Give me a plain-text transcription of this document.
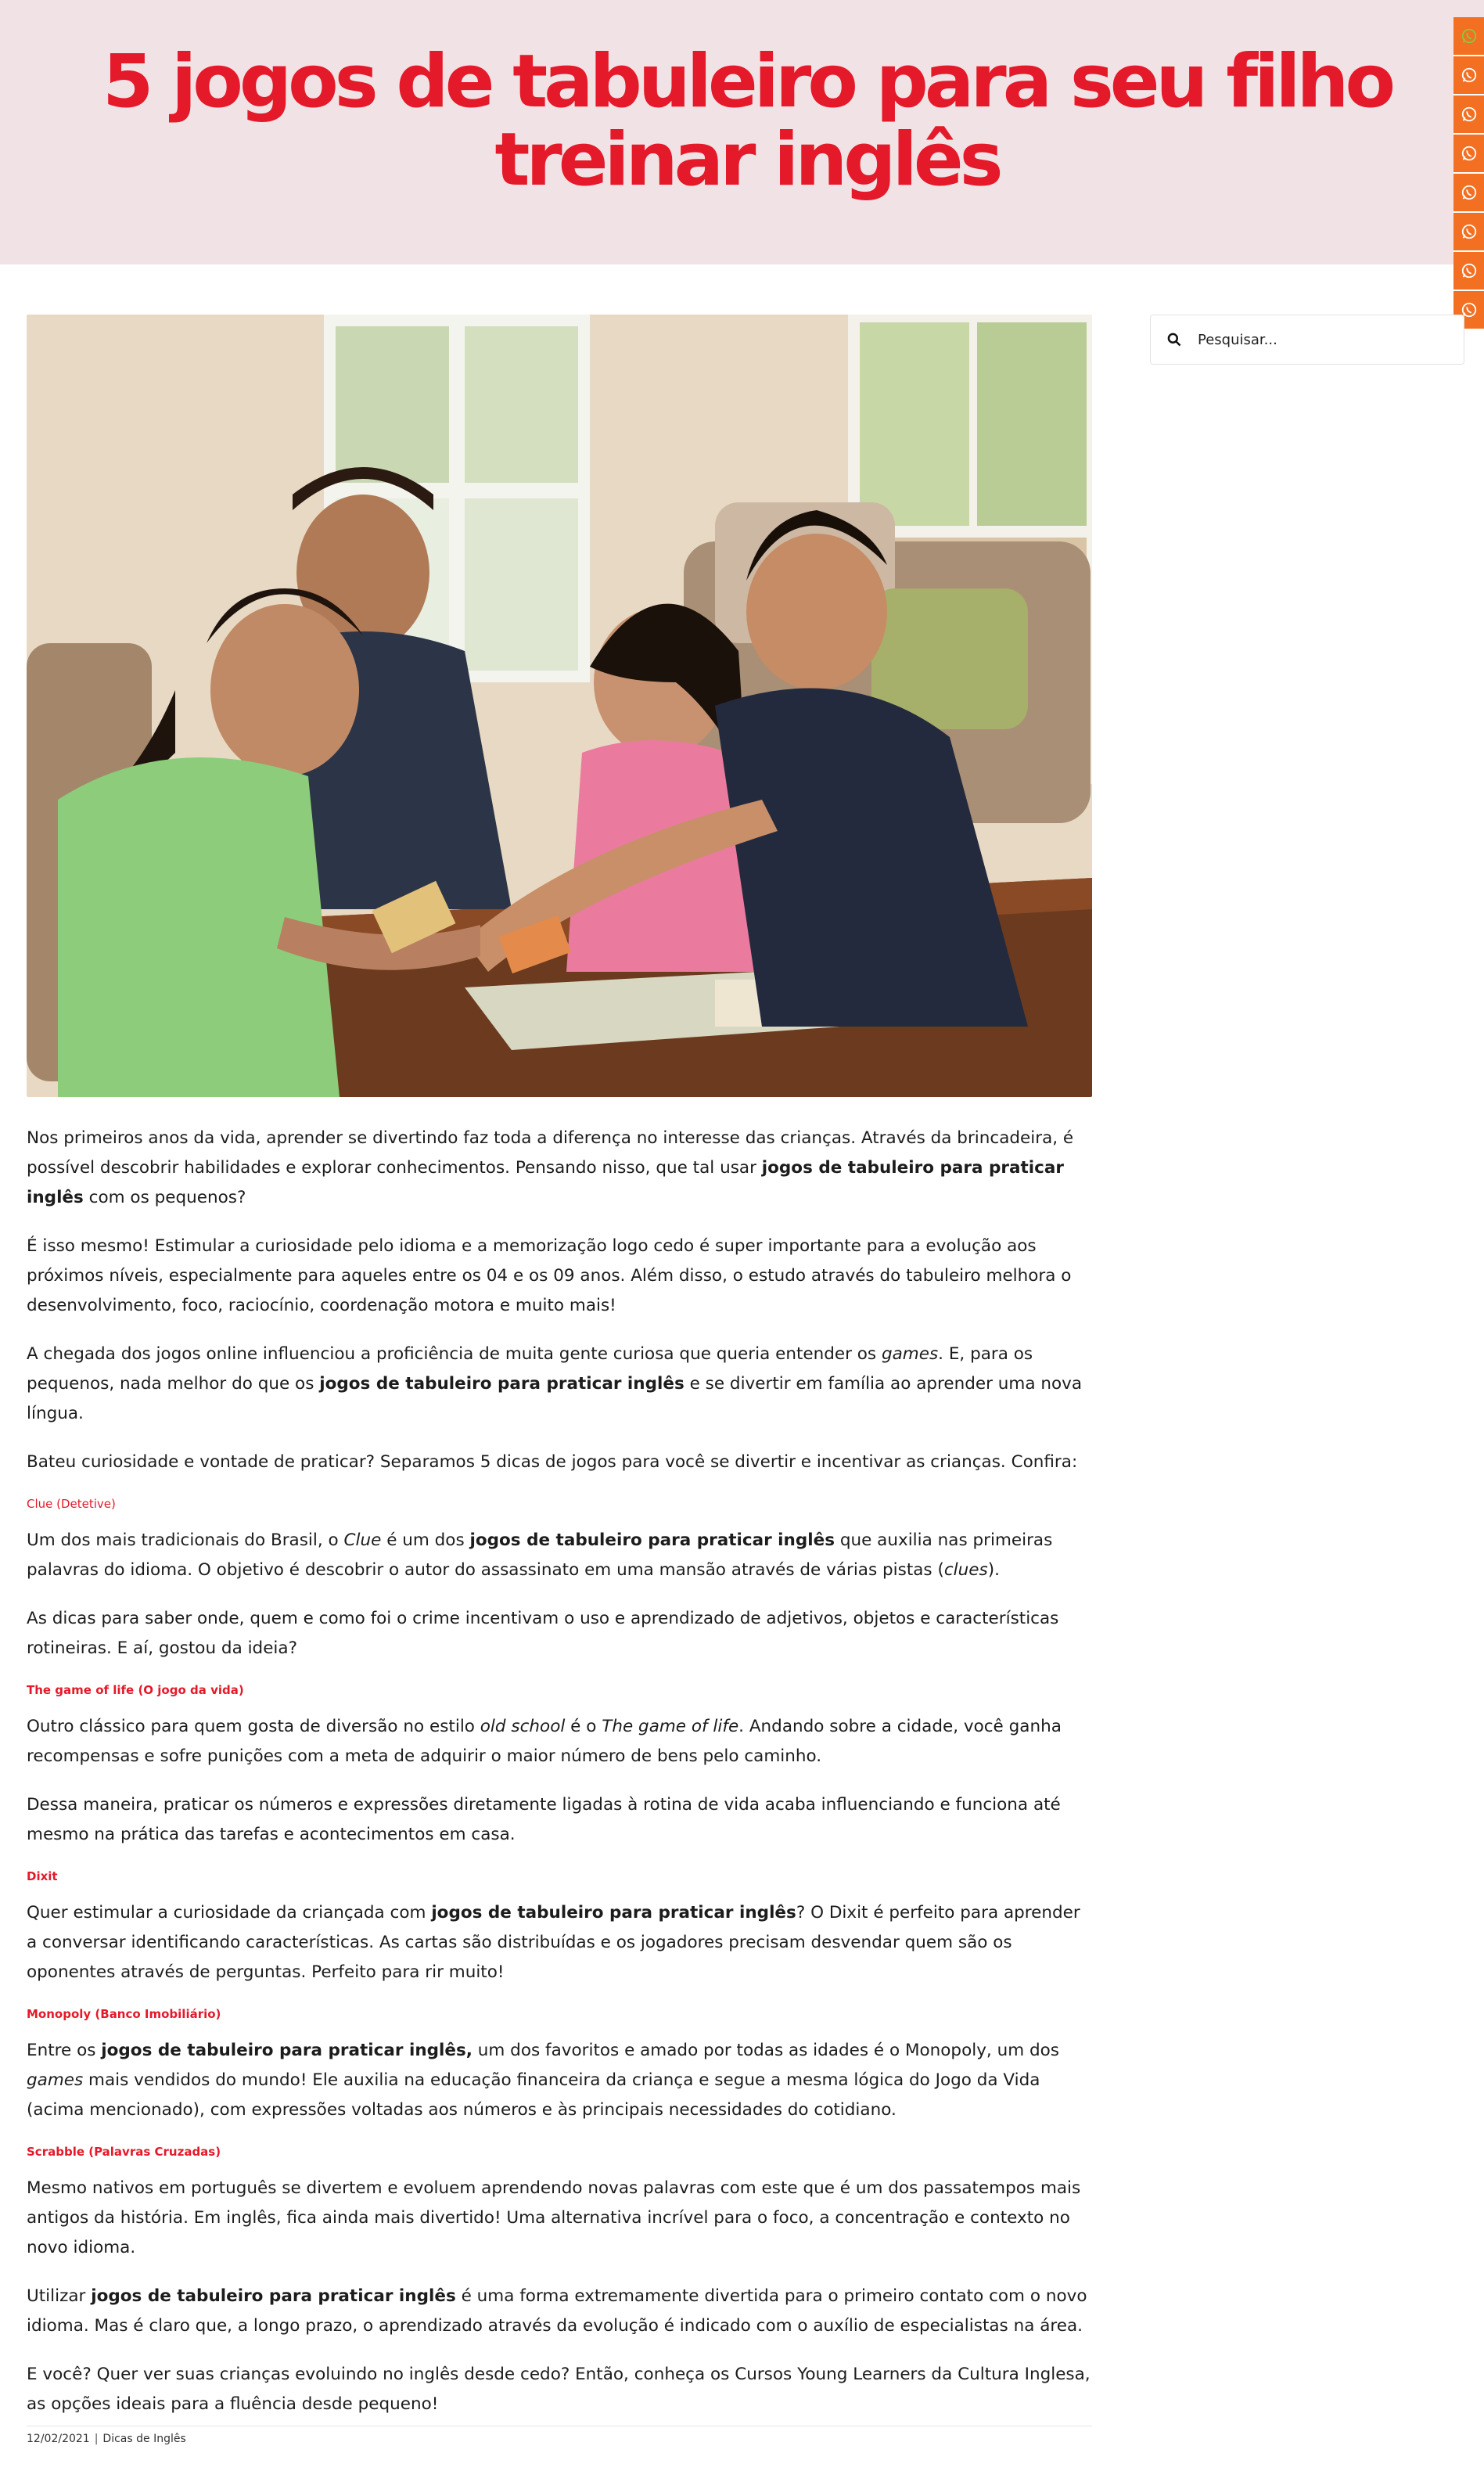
5 jogos de tabuleiro para seu filho treinar inglês
Pesquisar...

Nos primeiros anos da vida, aprender se divertindo faz toda a diferença no interesse das crianças. Através da brincadeira, é possível descobrir habilidades e explorar conhecimentos. Pensando nisso, que tal usar jogos de tabuleiro para praticar inglês com os pequenos?

É isso mesmo! Estimular a curiosidade pelo idioma e a memorização logo cedo é super importante para a evolução aos próximos níveis, especialmente para aqueles entre os 04 e os 09 anos. Além disso, o estudo através do tabuleiro melhora o desenvolvimento, foco, raciocínio, coordenação motora e muito mais!

A chegada dos jogos online influenciou a proficiência de muita gente curiosa que queria entender os games. E, para os pequenos, nada melhor do que os jogos de tabuleiro para praticar inglês e se divertir em família ao aprender uma nova língua.

Bateu curiosidade e vontade de praticar? Separamos 5 dicas de jogos para você se divertir e incentivar as crianças. Confira:

Clue (Detetive)

Um dos mais tradicionais do Brasil, o Clue é um dos jogos de tabuleiro para praticar inglês que auxilia nas primeiras palavras do idioma. O objetivo é descobrir o autor do assassinato em uma mansão através de várias pistas (clues).

As dicas para saber onde, quem e como foi o crime incentivam o uso e aprendizado de adjetivos, objetos e características rotineiras. E aí, gostou da ideia?

The game of life (O jogo da vida)

Outro clássico para quem gosta de diversão no estilo old school é o The game of life. Andando sobre a cidade, você ganha recompensas e sofre punições com a meta de adquirir o maior número de bens pelo caminho.

Dessa maneira, praticar os números e expressões diretamente ligadas à rotina de vida acaba influenciando e funciona até mesmo na prática das tarefas e acontecimentos em casa.

Dixit

Quer estimular a curiosidade da criançada com jogos de tabuleiro para praticar inglês? O Dixit é perfeito para aprender a conversar identificando características. As cartas são distribuídas e os jogadores precisam desvendar quem são os oponentes através de perguntas. Perfeito para rir muito!

Monopoly (Banco Imobiliário)

Entre os jogos de tabuleiro para praticar inglês, um dos favoritos e amado por todas as idades é o Monopoly, um dos games mais vendidos do mundo! Ele auxilia na educação financeira da criança e segue a mesma lógica do Jogo da Vida (acima mencionado), com expressões voltadas aos números e às principais necessidades do cotidiano.

Scrabble (Palavras Cruzadas)

Mesmo nativos em português se divertem e evoluem aprendendo novas palavras com este que é um dos passatempos mais antigos da história. Em inglês, fica ainda mais divertido! Uma alternativa incrível para o foco, a concentração e contexto no novo idioma.

Utilizar jogos de tabuleiro para praticar inglês é uma forma extremamente divertida para o primeiro contato com o novo idioma. Mas é claro que, a longo prazo, o aprendizado através da evolução é indicado com o auxílio de especialistas na área.

E você? Quer ver suas crianças evoluindo no inglês desde cedo? Então, conheça os Cursos Young Learners da Cultura Inglesa, as opções ideais para a fluência desde pequeno!

12/02/2021 | Dicas de Inglês
